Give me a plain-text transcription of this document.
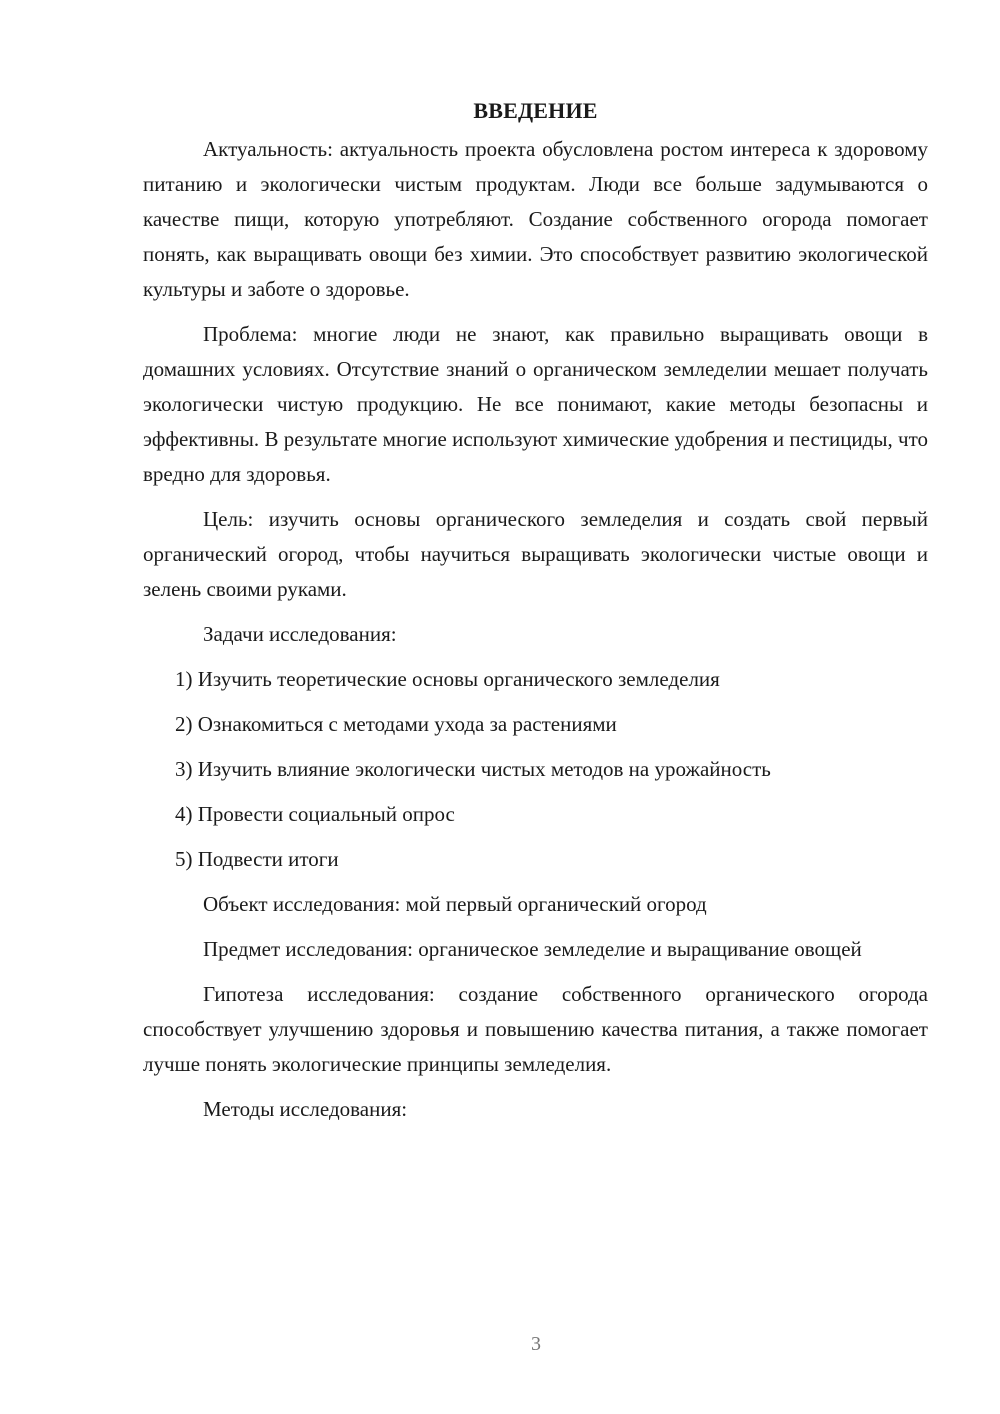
ВВЕДЕНИЕ

Актуальность: актуальность проекта обусловлена ростом интереса к здоровому питанию и экологически чистым продуктам. Люди все больше задумываются о качестве пищи, которую употребляют. Создание собственного огорода помогает понять, как выращивать овощи без химии. Это способствует развитию экологической культуры и заботе о здоровье.

Проблема: многие люди не знают, как правильно выращивать овощи в домашних условиях. Отсутствие знаний о органическом земледелии мешает получать экологически чистую продукцию. Не все понимают, какие методы безопасны и эффективны. В результате многие используют химические удобрения и пестициды, что вредно для здоровья.

Цель: изучить основы органического земледелия и создать свой первый органический огород, чтобы научиться выращивать экологически чистые овощи и зелень своими руками.

Задачи исследования:

1) Изучить теоретические основы органического земледелия
2) Ознакомиться с методами ухода за растениями
3) Изучить влияние экологически чистых методов на урожайность
4) Провести социальный опрос
5) Подвести итоги

Объект исследования: мой первый органический огород

Предмет исследования: органическое земледелие и выращивание овощей

Гипотеза исследования: создание собственного органического огорода способствует улучшению здоровья и повышению качества питания, а также помогает лучше понять экологические принципы земледелия.

Методы исследования:

3
